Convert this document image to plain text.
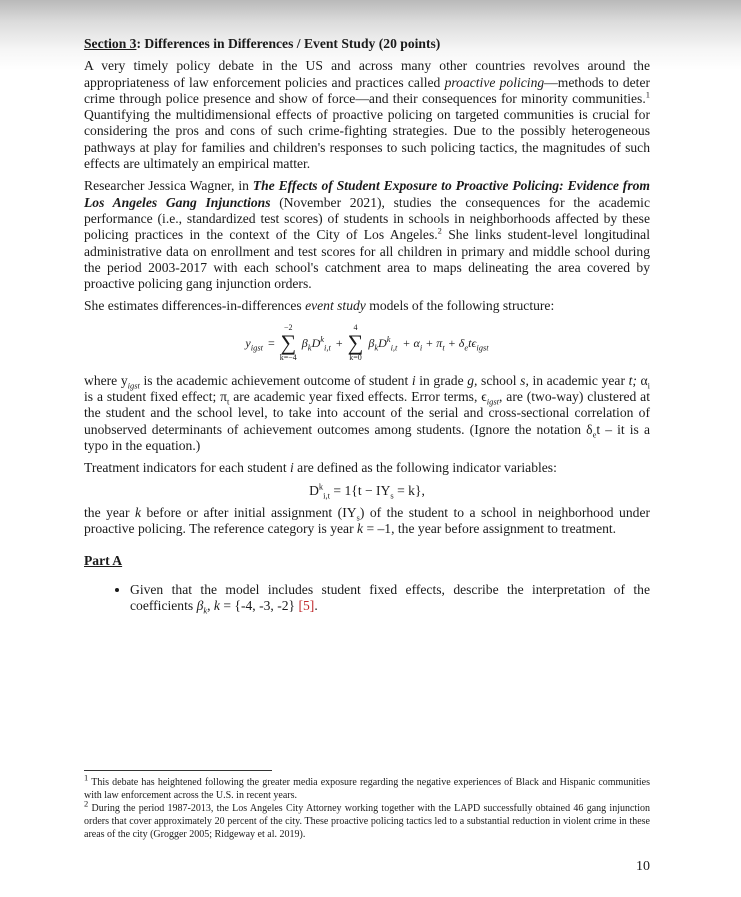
Section 3: Differences in Differences / Event Study (20 points)

A very timely policy debate in the US and across many other countries revolves around the appropriateness of law enforcement policies and practices called proactive policing—methods to deter crime through police presence and show of force—and their consequences for minority communities.$^1$ Quantifying the multidimensional effects of proactive policing on targeted communities is crucial for considering the pros and cons of such crime-fighting strategies. Due to the possibly heterogeneous pathways at play for families and children's responses to such policing tactics, the magnitudes of such effects are ultimately an empirical matter.

Researcher Jessica Wagner, in The Effects of Student Exposure to Proactive Policing: Evidence from Los Angeles Gang Injunctions (November 2021), studies the consequences for the academic performance (i.e., standardized test scores) of students in schools in neighborhoods affected by these policing practices in the context of the City of Los Angeles.$^2$ She links student-level longitudinal administrative data on enrollment and test scores for all children in primary and middle school during the period 2003-2017 with each school's catchment area to maps delineating the area covered by proactive policing gang injunction orders.

She estimates differences-in-differences event study models of the following structure:

$y_{igst}$ =
−2
∑
k=−4
$\beta_kD^k_{i,t}$ +
4
∑
k=0
$\beta_kD^k_{i,t} + \alpha_i + \pi_t + \delta_et\epsilon_{igst}$

where $y_{igst}$ is the academic achievement outcome of student i in grade g, school s, in academic year t; $\alpha_i$ is a student fixed effect; $\pi_t$ are academic year fixed effects. Error terms, $\epsilon_{igst}$, are (two-way) clustered at the student and the school level, to take into account of the serial and cross-sectional correlation of unobserved determinants of achievement outcomes among students. (Ignore the notation $\delta_et$ – it is a typo in the equation.)

Treatment indicators for each student i are defined as the following indicator variables:

$D^k_{i,t} = 1\{t - IY_s = k\}$,

the year k before or after initial assignment $(IY_s)$ of the student to a school in neighborhood under proactive policing. The reference category is year k = –1, the year before assignment to treatment.

Part A
• Given that the model includes student fixed effects, describe the interpretation of the coefficients $\beta_k$, k = {-4, -3, -2} [5].
$^1$ This debate has heightened following the greater media exposure regarding the negative experiences of Black and Hispanic communities with law enforcement across the U.S. in recent years.
$^2$ During the period 1987-2013, the Los Angeles City Attorney working together with the LAPD successfully obtained 46 gang injunction orders that cover approximately 20 percent of the city. These proactive policing tactics led to a substantial reduction in violent crime in these areas of the city (Grogger 2005; Ridgeway et al. 2019).
10
